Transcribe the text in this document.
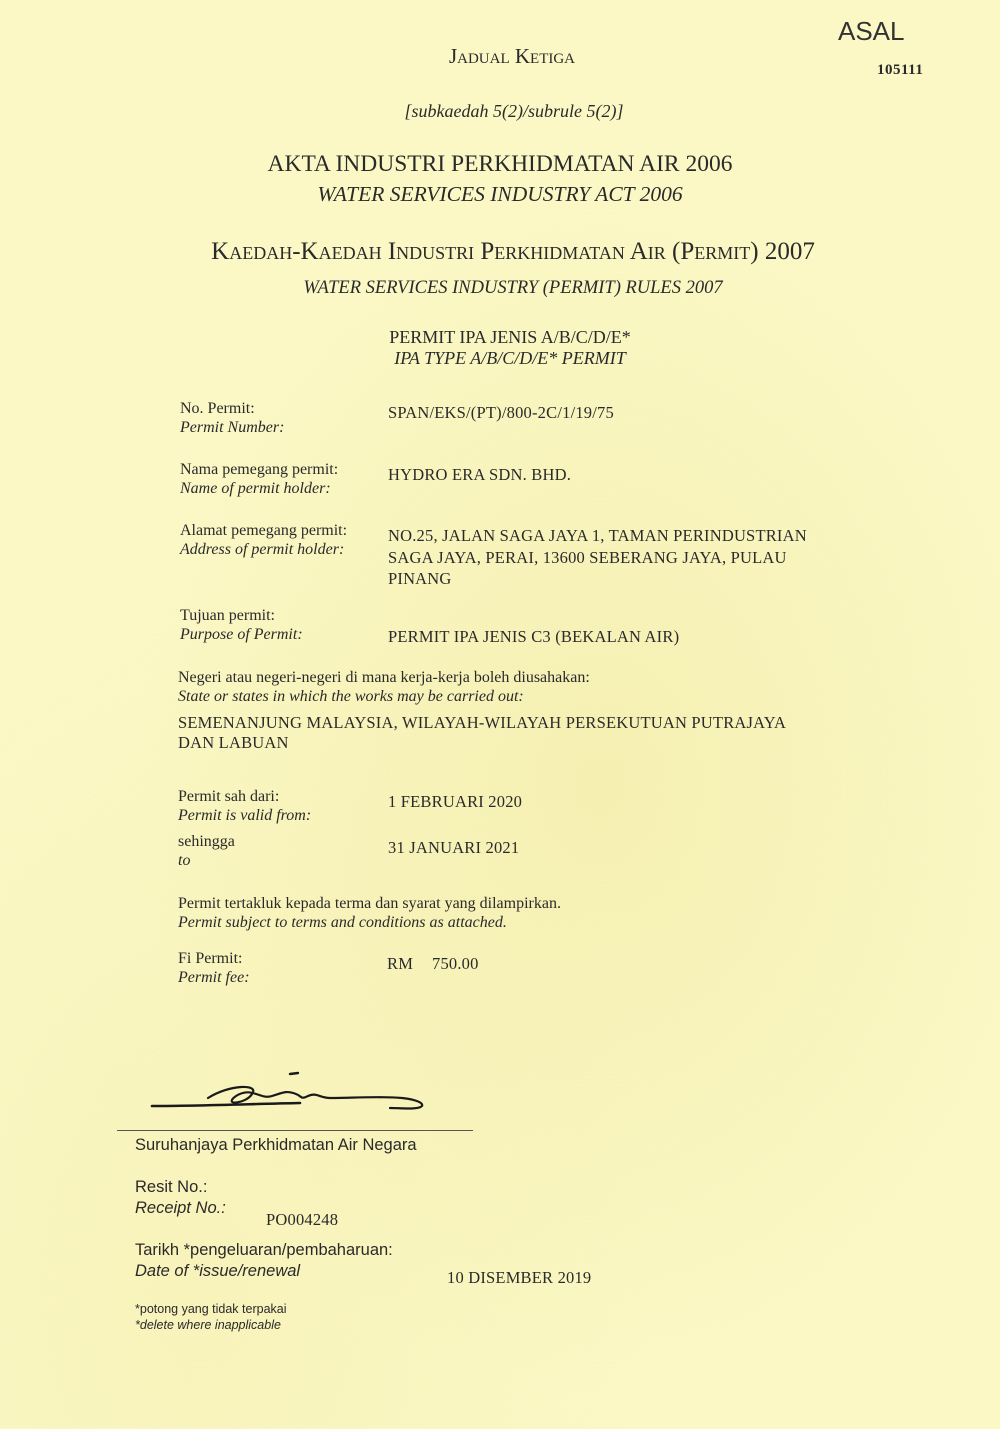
ASAL
105111
Jadual Ketiga
[subkaedah 5(2)/subrule 5(2)]
AKTA INDUSTRI PERKHIDMATAN AIR 2006
WATER SERVICES INDUSTRY ACT 2006
Kaedah-Kaedah Industri Perkhidmatan Air (Permit) 2007
WATER SERVICES INDUSTRY (PERMIT) RULES 2007
PERMIT IPA JENIS A/B/C/D/E*
IPA TYPE A/B/C/D/E* PERMIT
No. Permit:
Permit Number:
SPAN/EKS/(PT)/800-2C/1/19/75
Nama pemegang permit:
Name of permit holder:
HYDRO ERA SDN. BHD.
Alamat pemegang permit:
Address of permit holder:
NO.25, JALAN SAGA JAYA 1, TAMAN PERINDUSTRIAN
SAGA JAYA, PERAI, 13600 SEBERANG JAYA, PULAU
PINANG
Tujuan permit:
Purpose of Permit:	PERMIT IPA JENIS C3 (BEKALAN AIR)
Negeri atau negeri-negeri di mana kerja-kerja boleh diusahakan:
State or states in which the works may be carried out:
SEMENANJUNG MALAYSIA, WILAYAH-WILAYAH PERSEKUTUAN PUTRAJAYA
DAN LABUAN
Permit sah dari:
Permit is valid from:
1 FEBRUARI 2020
sehingga
to
31 JANUARI 2021
Permit tertakluk kepada terma dan syarat yang dilampirkan.
Permit subject to terms and conditions as attached.
Fi Permit:
Permit fee:
RM 750.00
Suruhanjaya Perkhidmatan Air Negara
Resit No.:
Receipt No.:
PO004248
Tarikh *pengeluaran/pembaharuan:
Date of *issue/renewal	10 DISEMBER 2019
*potong yang tidak terpakai
*delete where inapplicable
